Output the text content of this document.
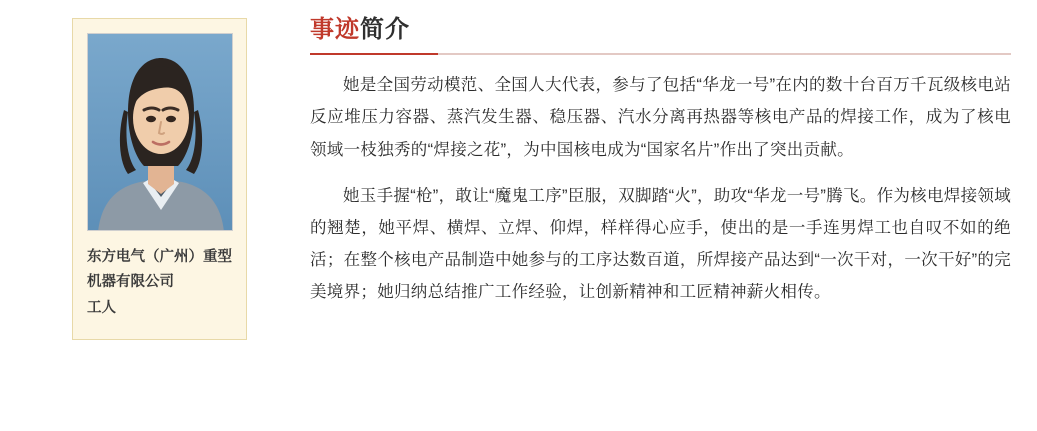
东方电气（广州）重型机器有限公司

工人

事迹简介

她是全国劳动模范、全国人大代表，参与了包括“华龙一号”在内的数十台百万千瓦级核电站反应堆压力容器、蒸汽发生器、稳压器、汽水分离再热器等核电产品的焊接工作，成为了核电领域一枝独秀的“焊接之花”，为中国核电成为“国家名片”作出了突出贡献。

她玉手握“枪”，敢让“魔鬼工序”臣服，双脚踏“火”，助攻“华龙一号”腾飞。作为核电焊接领域的翘楚，她平焊、横焊、立焊、仰焊，样样得心应手，使出的是一手连男焊工也自叹不如的绝活；在整个核电产品制造中她参与的工序达数百道，所焊接产品达到“一次干对，一次干好”的完美境界；她归纳总结推广工作经验，让创新精神和工匠精神薪火相传。
